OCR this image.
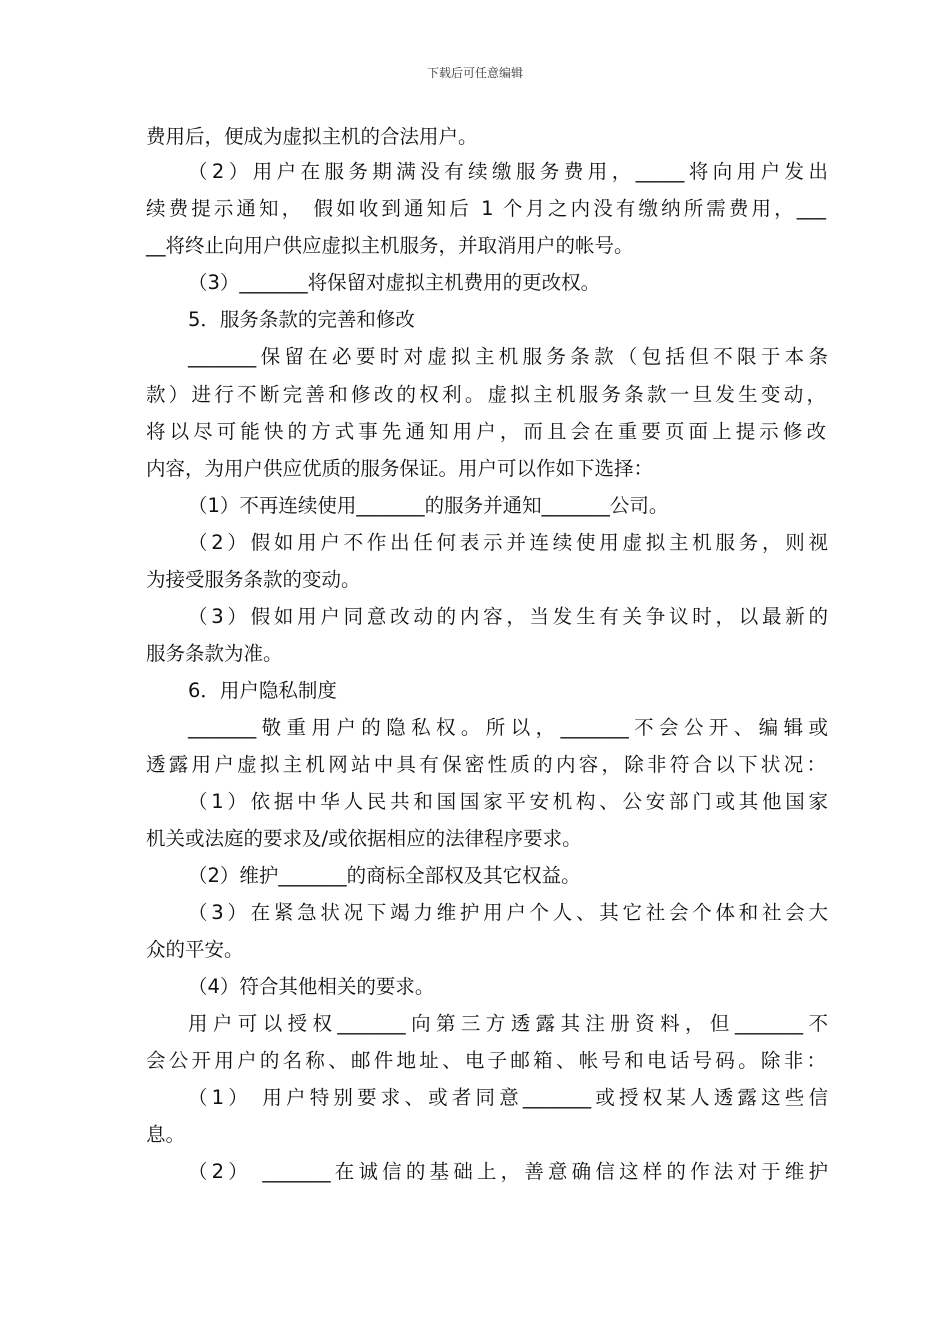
下载后可任意编辑
费用后，便成为虚拟主机的合法用户。
（2）用户在服务期满没有续缴服务费用，_____将向用户发出
续费提示通知， 假如收到通知后 1 个月之内没有缴纳所需费用，___
__将终止向用户供应虚拟主机服务，并取消用户的帐号。
（3）_______将保留对虚拟主机费用的更改权。
5．服务条款的完善和修改
_______保留在必要时对虚拟主机服务条款（包括但不限于本条
款）进行不断完善和修改的权利。虚拟主机服务条款一旦发生变动，
将以尽可能快的方式事先通知用户，而且会在重要页面上提示修改
内容，为用户供应优质的服务保证。用户可以作如下选择：
（1）不再连续使用_______的服务并通知_______公司。
（2）假如用户不作出任何表示并连续使用虚拟主机服务，则视
为接受服务条款的变动。
（3）假如用户同意改动的内容，当发生有关争议时，以最新的
服务条款为准。
6．用户隐私制度
_______敬重用户的隐私权。所以，_______不会公开、编辑或
透露用户虚拟主机网站中具有保密性质的内容，除非符合以下状况：
（1）依据中华人民共和国国家平安机构、公安部门或其他国家
机关或法庭的要求及/或依据相应的法律程序要求。
（2）维护_______的商标全部权及其它权益。
（3）在紧急状况下竭力维护用户个人、其它社会个体和社会大
众的平安。
（4）符合其他相关的要求。
用户可以授权_______向第三方透露其注册资料，但_______不
会公开用户的名称、邮件地址、电子邮箱、帐号和电话号码。除非：
（1） 用户特别要求、或者同意_______或授权某人透露这些信
息。
（2） _______在诚信的基础上，善意确信这样的作法对于维护
